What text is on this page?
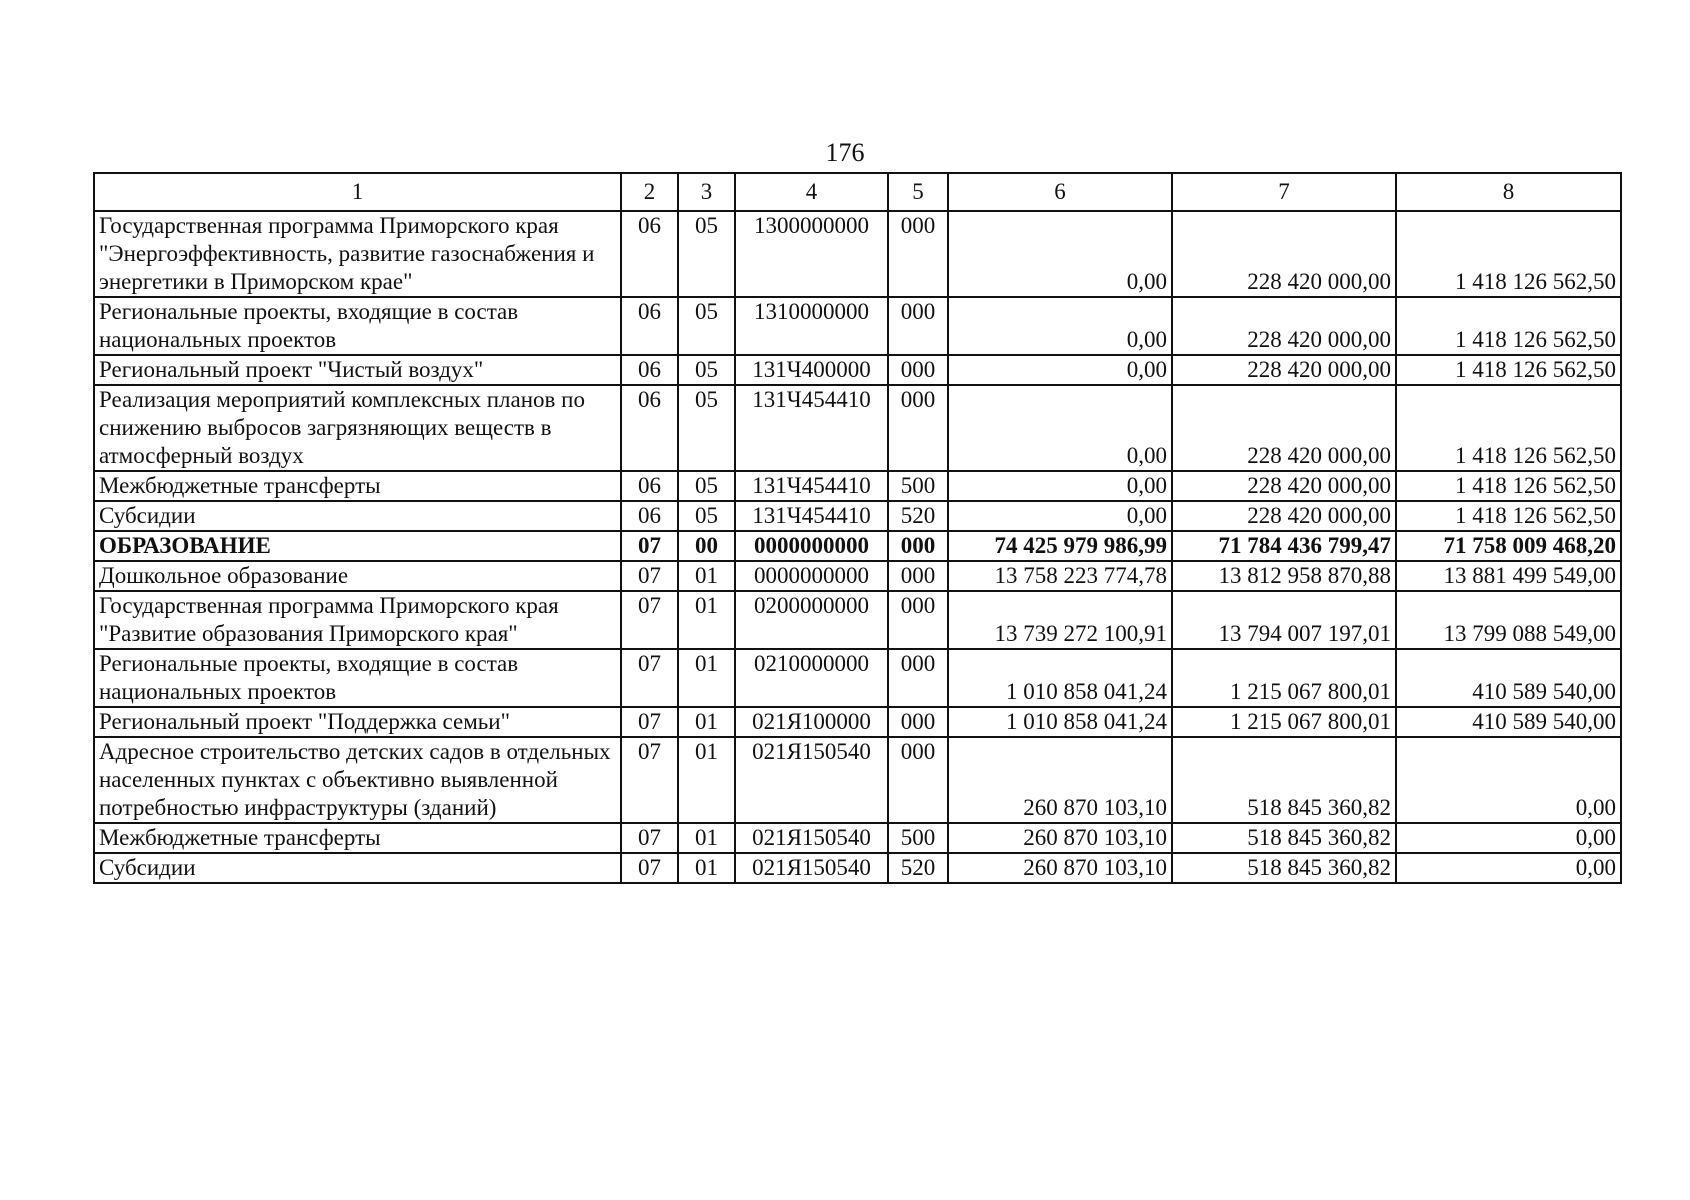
176
1	2	3	4	5	6	7	8
Государственная программа Приморского края "Энергоэффективность, развитие газоснабжения и энергетики в Приморском крае"	06	05	1300000000	000	0,00	228 420 000,00	1 418 126 562,50
Региональные проекты, входящие в состав национальных проектов	06	05	1310000000	000	0,00	228 420 000,00	1 418 126 562,50
Региональный проект "Чистый воздух"	06	05	131Ч400000	000	0,00	228 420 000,00	1 418 126 562,50
Реализация мероприятий комплексных планов по снижению выбросов загрязняющих веществ в атмосферный воздух	06	05	131Ч454410	000	0,00	228 420 000,00	1 418 126 562,50
Межбюджетные трансферты	06	05	131Ч454410	500	0,00	228 420 000,00	1 418 126 562,50
Субсидии	06	05	131Ч454410	520	0,00	228 420 000,00	1 418 126 562,50
ОБРАЗОВАНИЕ	07	00	0000000000	000	74 425 979 986,99	71 784 436 799,47	71 758 009 468,20
Дошкольное образование	07	01	0000000000	000	13 758 223 774,78	13 812 958 870,88	13 881 499 549,00
Государственная программа Приморского края "Развитие образования Приморского края"	07	01	0200000000	000	13 739 272 100,91	13 794 007 197,01	13 799 088 549,00
Региональные проекты, входящие в состав национальных проектов	07	01	0210000000	000	1 010 858 041,24	1 215 067 800,01	410 589 540,00
Региональный проект "Поддержка семьи"	07	01	021Я100000	000	1 010 858 041,24	1 215 067 800,01	410 589 540,00
Адресное строительство детских садов в отдельных населенных пунктах с объективно выявленной потребностью инфраструктуры (зданий)	07	01	021Я150540	000	260 870 103,10	518 845 360,82	0,00
Межбюджетные трансферты	07	01	021Я150540	500	260 870 103,10	518 845 360,82	0,00
Субсидии	07	01	021Я150540	520	260 870 103,10	518 845 360,82	0,00
